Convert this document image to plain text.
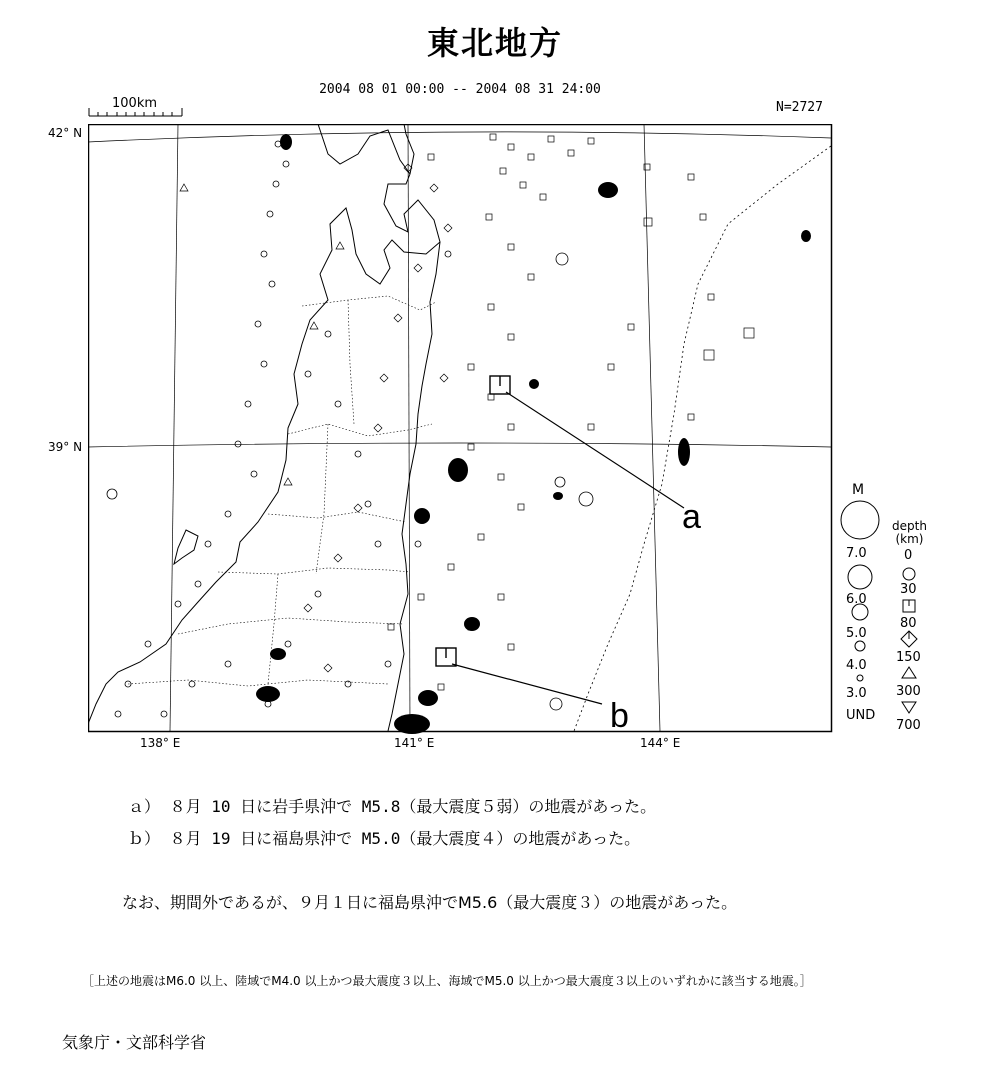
東北地方
2004 08 01 00:00 -- 2004 08 31 24:00
N=2727
100km
a
b
42° N
39° N
138° E	141° E	144° E
M
depth
(km)
7.0
6.0
5.0
4.0
3.0
UND
0
30
80
150
300
700
ａ） ８月 10 日に岩手県沖で M5.8（最大震度５弱）の地震があった。
ｂ） ８月 19 日に福島県沖で M5.0（最大震度４）の地震があった。
なお、期間外であるが、９月１日に福島県沖でM5.6（最大震度３）の地震があった。
［上述の地震はM6.0 以上、陸域でM4.0 以上かつ最大震度３以上、海域でM5.0 以上かつ最大震度３以上のいずれかに該当する地震。］
気象庁・文部科学省
